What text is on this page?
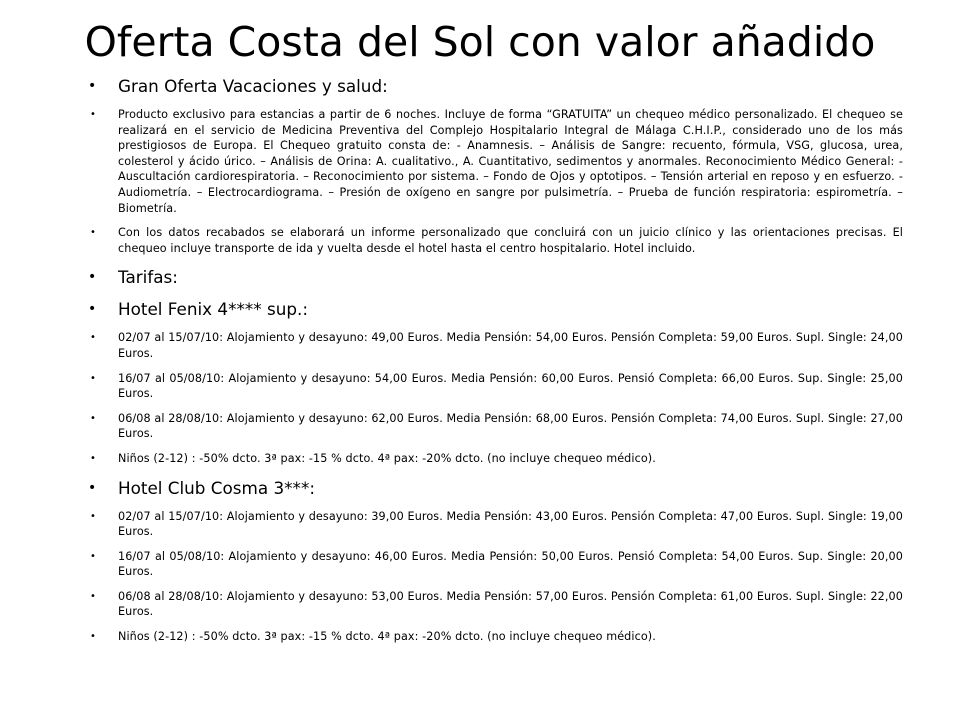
Oferta Costa del Sol con valor añadido
• Gran Oferta Vacaciones y salud:
• Producto exclusivo para estancias a partir de 6 noches. Incluye de forma “GRATUITA” un chequeo médico personalizado. El chequeo se realizará en el servicio de Medicina Preventiva del Complejo Hospitalario Integral de Málaga C.H.I.P., considerado uno de los más prestigiosos de Europa. El Chequeo gratuito consta de: - Anamnesis. – Análisis de Sangre: recuento, fórmula, VSG, glucosa, urea, colesterol y ácido úrico. – Análisis de Orina: A. cualitativo., A. Cuantitativo, sedimentos y anormales. Reconocimiento Médico General: - Auscultación cardiorespiratoria. – Reconocimiento por sistema. – Fondo de Ojos y optotipos. – Tensión arterial en reposo y en esfuerzo. - Audiometría. – Electrocardiograma. – Presión de oxígeno en sangre por pulsimetría. – Prueba de función respiratoria: espirometría. – Biometría.
• Con los datos recabados se elaborará un informe personalizado que concluirá con un juicio clínico y las orientaciones precisas. El chequeo incluye transporte de ida y vuelta desde el hotel hasta el centro hospitalario. Hotel incluido.
• Tarifas:
• Hotel Fenix 4**** sup.:
• 02/07 al 15/07/10: Alojamiento y desayuno: 49,00 Euros. Media Pensión: 54,00 Euros. Pensión Completa: 59,00 Euros. Supl. Single: 24,00 Euros.
• 16/07 al 05/08/10: Alojamiento y desayuno: 54,00 Euros. Media Pensión: 60,00 Euros. Pensió Completa: 66,00 Euros. Sup. Single: 25,00 Euros.
• 06/08 al 28/08/10: Alojamiento y desayuno: 62,00 Euros. Media Pensión: 68,00 Euros. Pensión Completa: 74,00 Euros. Supl. Single: 27,00 Euros.
• Niños (2-12) : -50% dcto. 3ª pax: -15 % dcto. 4ª pax: -20% dcto. (no incluye chequeo médico).
• Hotel Club Cosma 3***:
• 02/07 al 15/07/10: Alojamiento y desayuno: 39,00 Euros. Media Pensión: 43,00 Euros. Pensión Completa: 47,00 Euros. Supl. Single: 19,00 Euros.
• 16/07 al 05/08/10: Alojamiento y desayuno: 46,00 Euros. Media Pensión: 50,00 Euros. Pensió Completa: 54,00 Euros. Sup. Single: 20,00 Euros.
• 06/08 al 28/08/10: Alojamiento y desayuno: 53,00 Euros. Media Pensión: 57,00 Euros. Pensión Completa: 61,00 Euros. Supl. Single: 22,00 Euros.
• Niños (2-12) : -50% dcto. 3ª pax: -15 % dcto. 4ª pax: -20% dcto. (no incluye chequeo médico).
